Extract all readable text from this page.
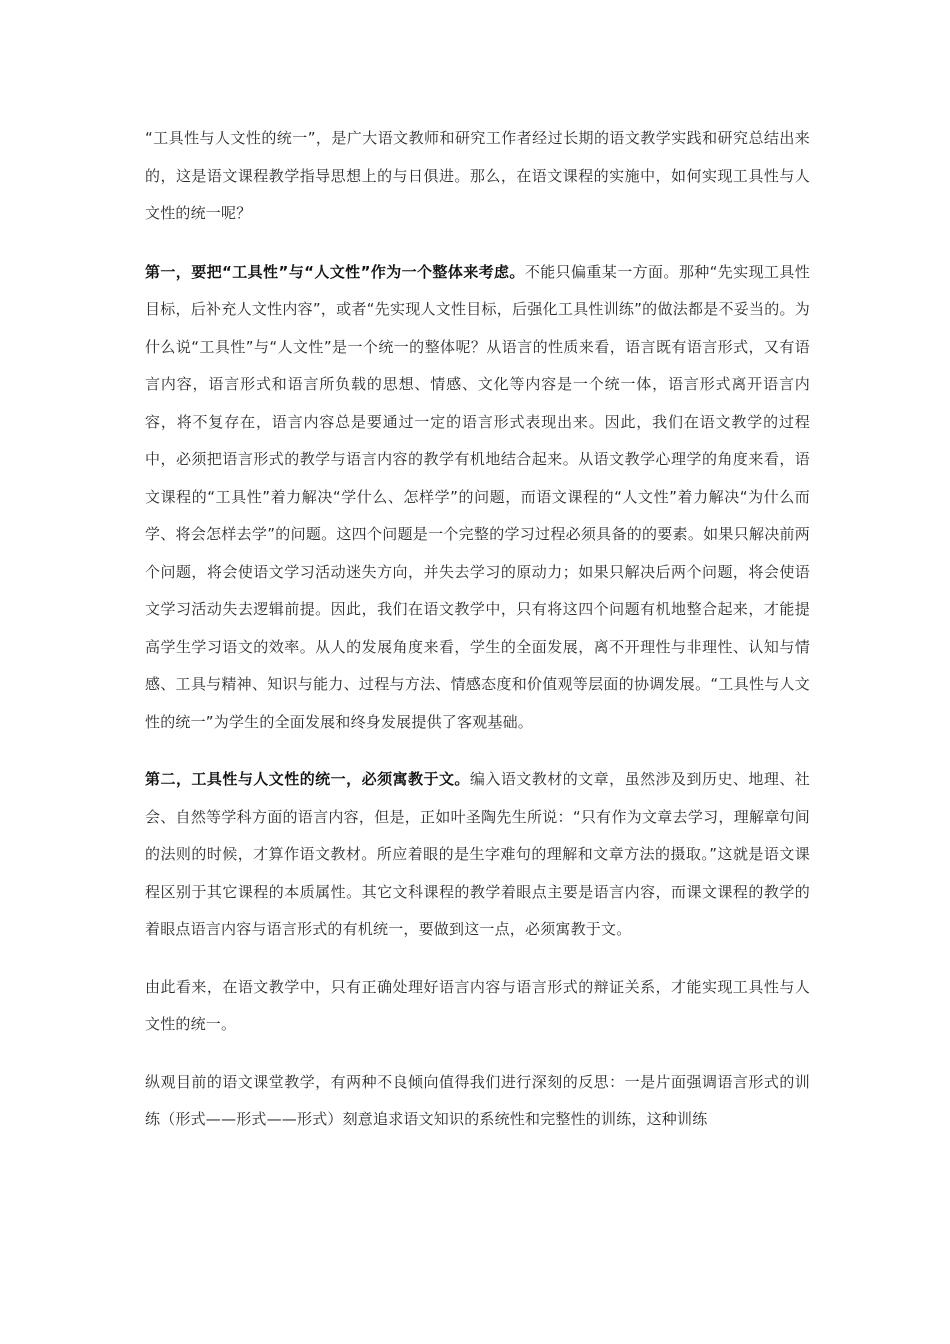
“工具性与人文性的统一”，是广大语文教师和研究工作者经过长期的语文教学实践和研究总结出来的，这是语文课程教学指导思想上的与日俱进。那么，在语文课程的实施中，如何实现工具性与人文性的统一呢？

第一，要把“工具性”与“人文性”作为一个整体来考虑。不能只偏重某一方面。那种“先实现工具性目标，后补充人文性内容”，或者“先实现人文性目标，后强化工具性训练”的做法都是不妥当的。为什么说“工具性”与“人文性”是一个统一的整体呢？从语言的性质来看，语言既有语言形式，又有语言内容，语言形式和语言所负载的思想、情感、文化等内容是一个统一体，语言形式离开语言内容，将不复存在，语言内容总是要通过一定的语言形式表现出来。因此，我们在语文教学的过程中，必须把语言形式的教学与语言内容的教学有机地结合起来。从语文教学心理学的角度来看，语文课程的“工具性”着力解决“学什么、怎样学”的问题，而语文课程的“人文性”着力解决“为什么而学、将会怎样去学”的问题。这四个问题是一个完整的学习过程必须具备的的要素。如果只解决前两个问题，将会使语文学习活动迷失方向，并失去学习的原动力；如果只解决后两个问题，将会使语文学习活动失去逻辑前提。因此，我们在语文教学中，只有将这四个问题有机地整合起来，才能提高学生学习语文的效率。从人的发展角度来看，学生的全面发展，离不开理性与非理性、认知与情感、工具与精神、知识与能力、过程与方法、情感态度和价值观等层面的协调发展。“工具性与人文性的统一”为学生的全面发展和终身发展提供了客观基础。

第二，工具性与人文性的统一，必须寓教于文。编入语文教材的文章，虽然涉及到历史、地理、社会、自然等学科方面的语言内容，但是，正如叶圣陶先生所说：“只有作为文章去学习，理解章句间的法则的时候，才算作语文教材。所应着眼的是生字难句的理解和文章方法的摄取。”这就是语文课程区别于其它课程的本质属性。其它文科课程的教学着眼点主要是语言内容，而课文课程的教学的着眼点语言内容与语言形式的有机统一，要做到这一点，必须寓教于文。

由此看来，在语文教学中，只有正确处理好语言内容与语言形式的辩证关系，才能实现工具性与人文性的统一。

纵观目前的语文课堂教学，有两种不良倾向值得我们进行深刻的反思：一是片面强调语言形式的训练（形式——形式——形式）刻意追求语文知识的系统性和完整性的训练，这种训练
